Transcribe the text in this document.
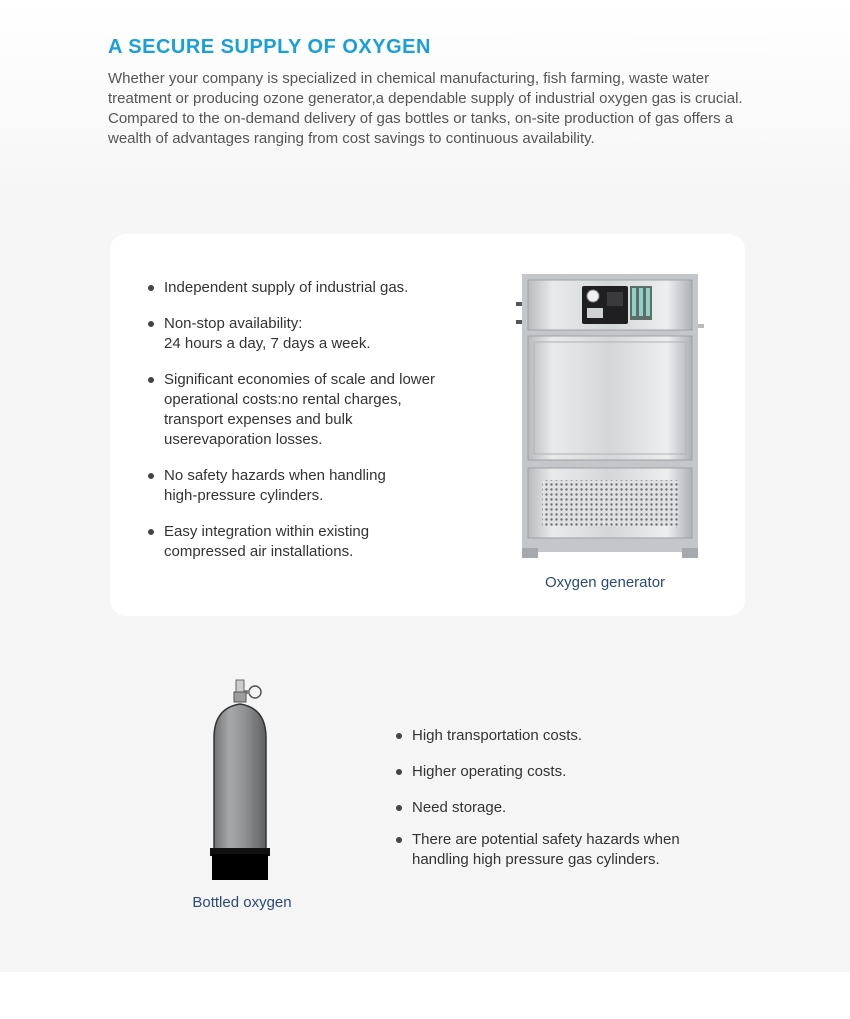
A SECURE SUPPLY OF OXYGEN

Whether your company is specialized in chemical manufacturing, fish farming, waste water treatment or producing ozone generator,a dependable supply of industrial oxygen gas is crucial. Compared to the on-demand delivery of gas bottles or tanks, on-site production of gas offers a wealth of advantages ranging from cost savings to continuous availability.

Independent supply of industrial gas.
Non-stop availability:
24 hours a day, 7 days a week.
Significant economies of scale and lower operational costs:no rental charges, transport expenses and bulk userevaporation losses.
No safety hazards when handling high-pressure cylinders.
Easy integration within existing compressed air installations.
Oxygen generator
Bottled oxygen
High transportation costs.
Higher operating costs.
Need storage.
There are potential safety hazards when handling high pressure gas cylinders.
